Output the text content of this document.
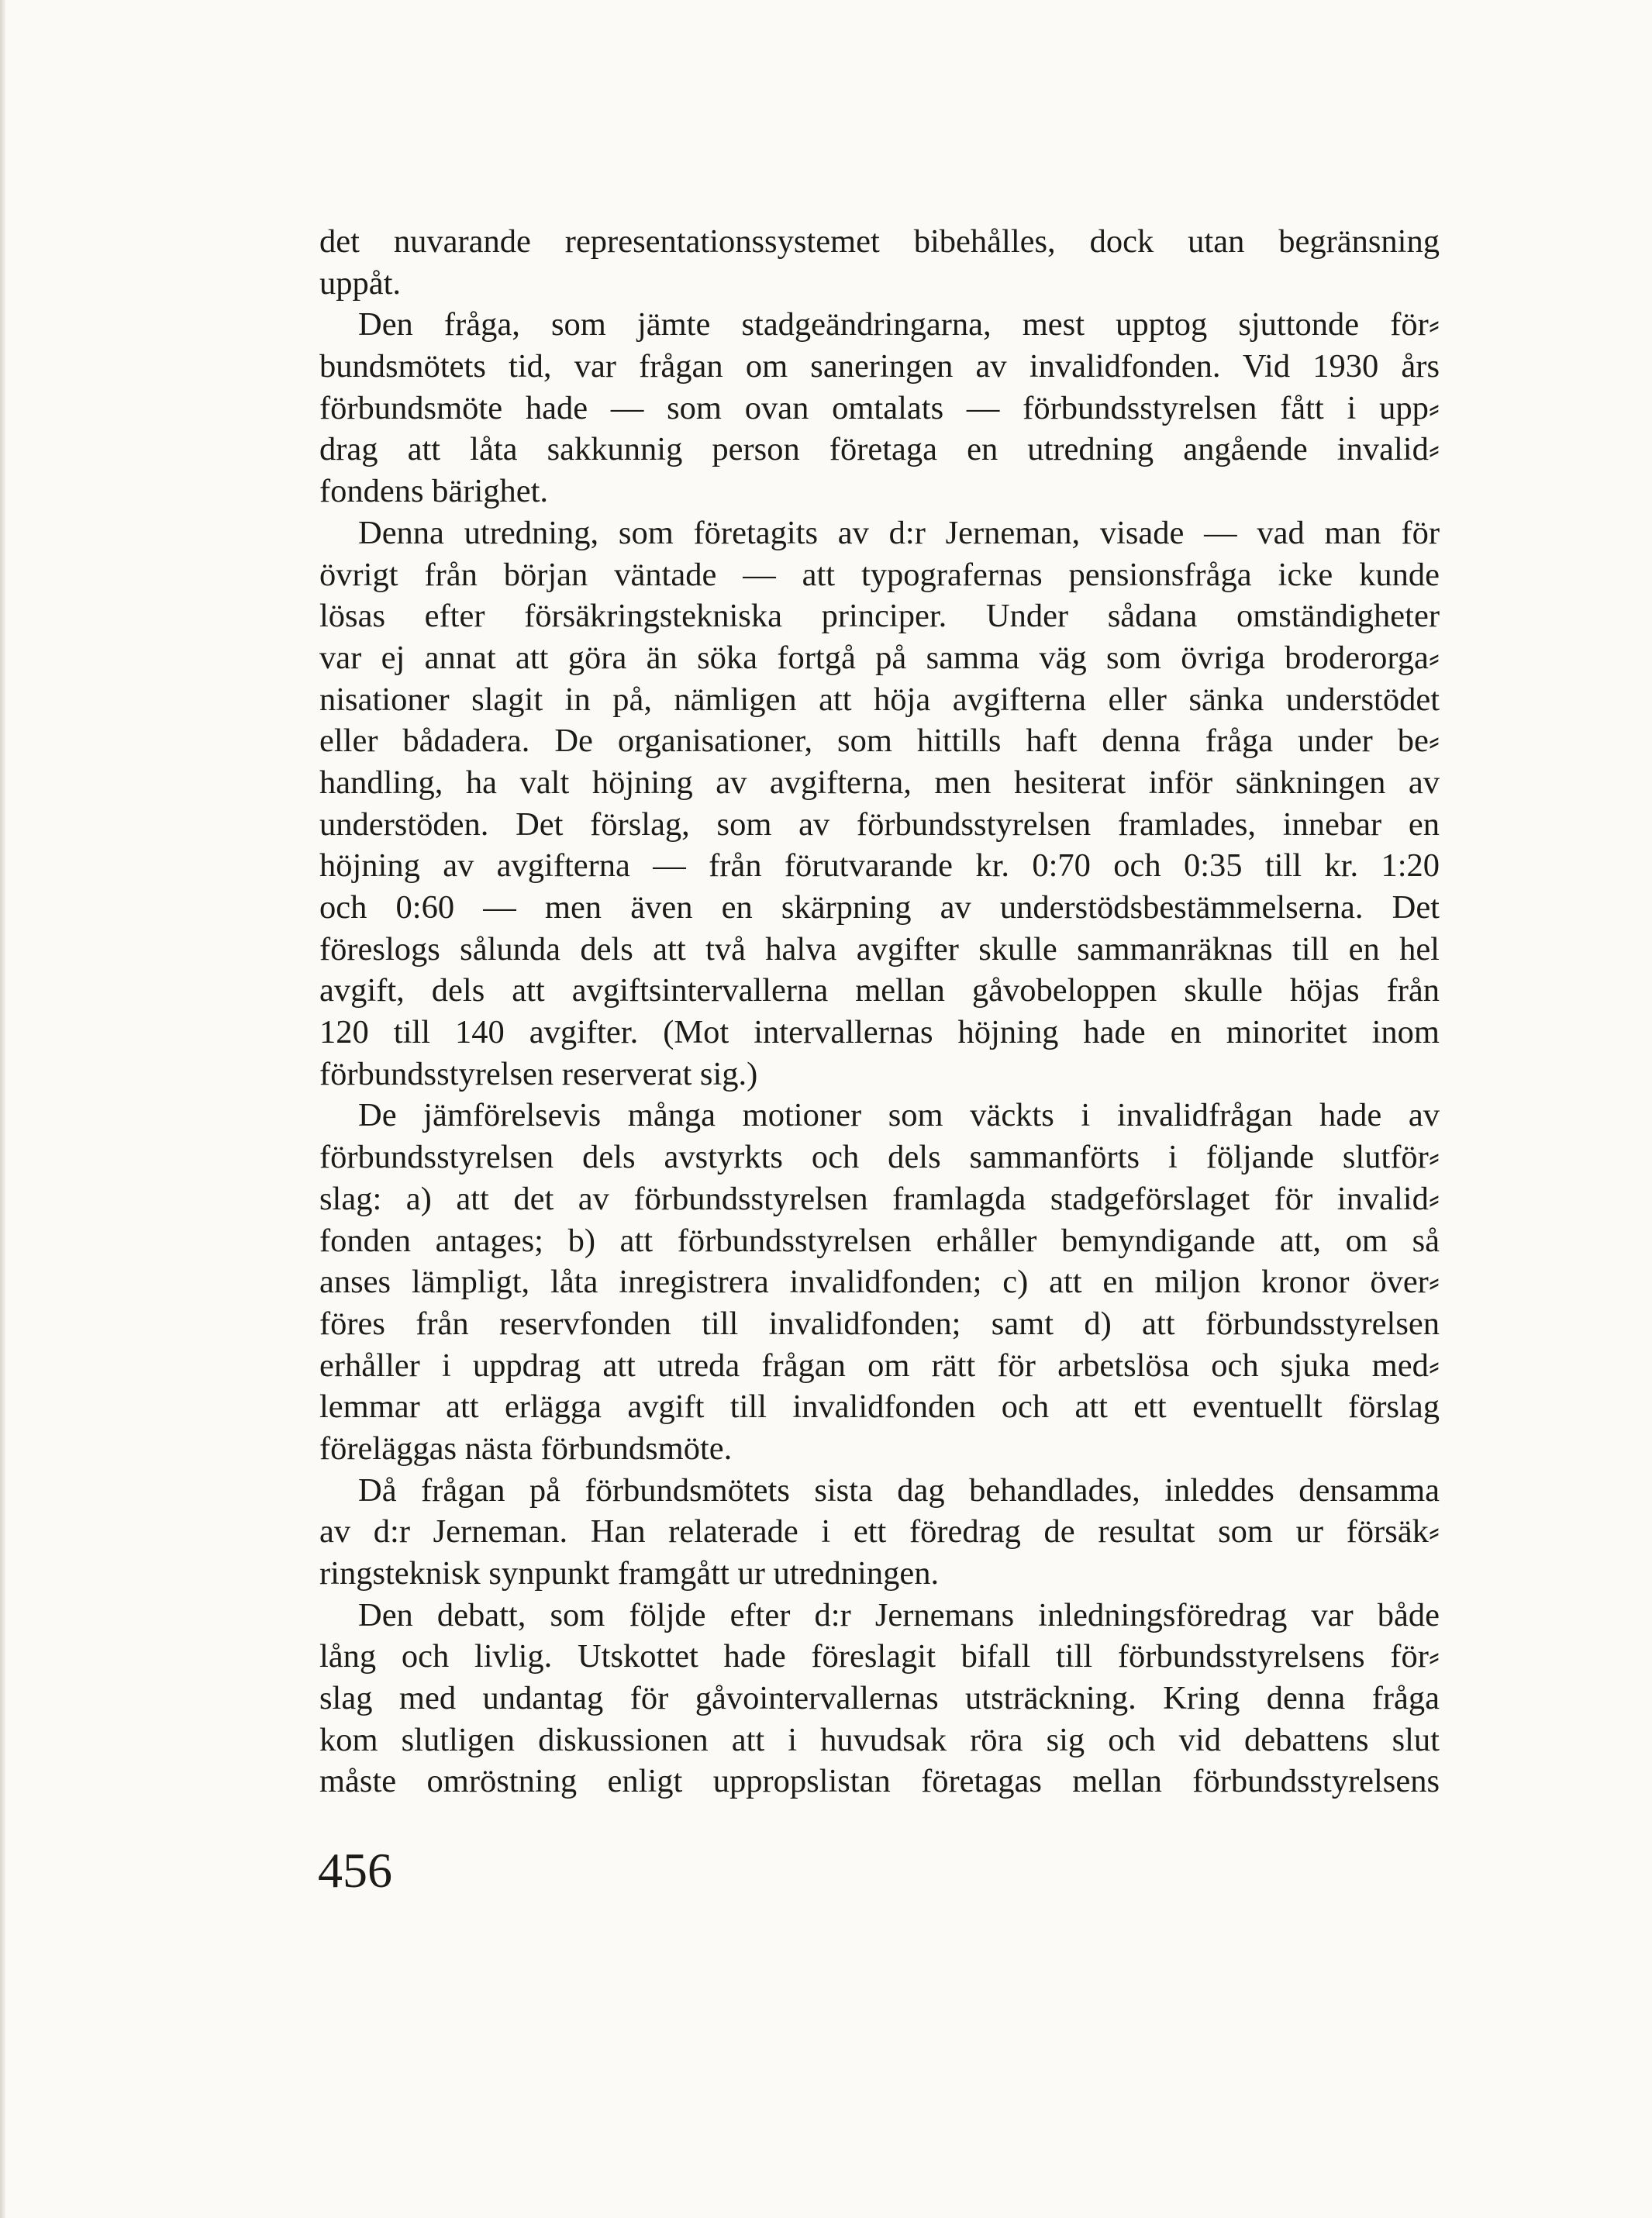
det nuvarande representationssystemet bibehålles, dock utan begränsning
uppåt.
Den fråga, som jämte stadgeändringarna, mest upptog sjuttonde för⸗
bundsmötets tid, var frågan om saneringen av invalidfonden. Vid 1930 års
förbundsmöte hade — som ovan omtalats — förbundsstyrelsen fått i upp⸗
drag att låta sakkunnig person företaga en utredning angående invalid⸗
fondens bärighet.
Denna utredning, som företagits av d:r Jerneman, visade — vad man för
övrigt från början väntade — att typografernas pensionsfråga icke kunde
lösas efter försäkringstekniska principer. Under sådana omständigheter
var ej annat att göra än söka fortgå på samma väg som övriga broderorga⸗
nisationer slagit in på, nämligen att höja avgifterna eller sänka understödet
eller bådadera. De organisationer, som hittills haft denna fråga under be⸗
handling, ha valt höjning av avgifterna, men hesiterat inför sänkningen av
understöden. Det förslag, som av förbundsstyrelsen framlades, innebar en
höjning av avgifterna — från förutvarande kr. 0:70 och 0:35 till kr. 1:20
och 0:60 — men även en skärpning av understödsbestämmelserna. Det
föreslogs sålunda dels att två halva avgifter skulle sammanräknas till en hel
avgift, dels att avgiftsintervallerna mellan gåvobeloppen skulle höjas från
120 till 140 avgifter. (Mot intervallernas höjning hade en minoritet inom
förbundsstyrelsen reserverat sig.)
De jämförelsevis många motioner som väckts i invalidfrågan hade av
förbundsstyrelsen dels avstyrkts och dels sammanförts i följande slutför⸗
slag: a) att det av förbundsstyrelsen framlagda stadgeförslaget för invalid⸗
fonden antages; b) att förbundsstyrelsen erhåller bemyndigande att, om så
anses lämpligt, låta inregistrera invalidfonden; c) att en miljon kronor över⸗
föres från reservfonden till invalidfonden; samt d) att förbundsstyrelsen
erhåller i uppdrag att utreda frågan om rätt för arbetslösa och sjuka med⸗
lemmar att erlägga avgift till invalidfonden och att ett eventuellt förslag
föreläggas nästa förbundsmöte.
Då frågan på förbundsmötets sista dag behandlades, inleddes densamma
av d:r Jerneman. Han relaterade i ett föredrag de resultat som ur försäk⸗
ringsteknisk synpunkt framgått ur utredningen.
Den debatt, som följde efter d:r Jernemans inledningsföredrag var både
lång och livlig. Utskottet hade föreslagit bifall till förbundsstyrelsens för⸗
slag med undantag för gåvointervallernas utsträckning. Kring denna fråga
kom slutligen diskussionen att i huvudsak röra sig och vid debattens slut
måste omröstning enligt uppropslistan företagas mellan förbundsstyrelsens
456
